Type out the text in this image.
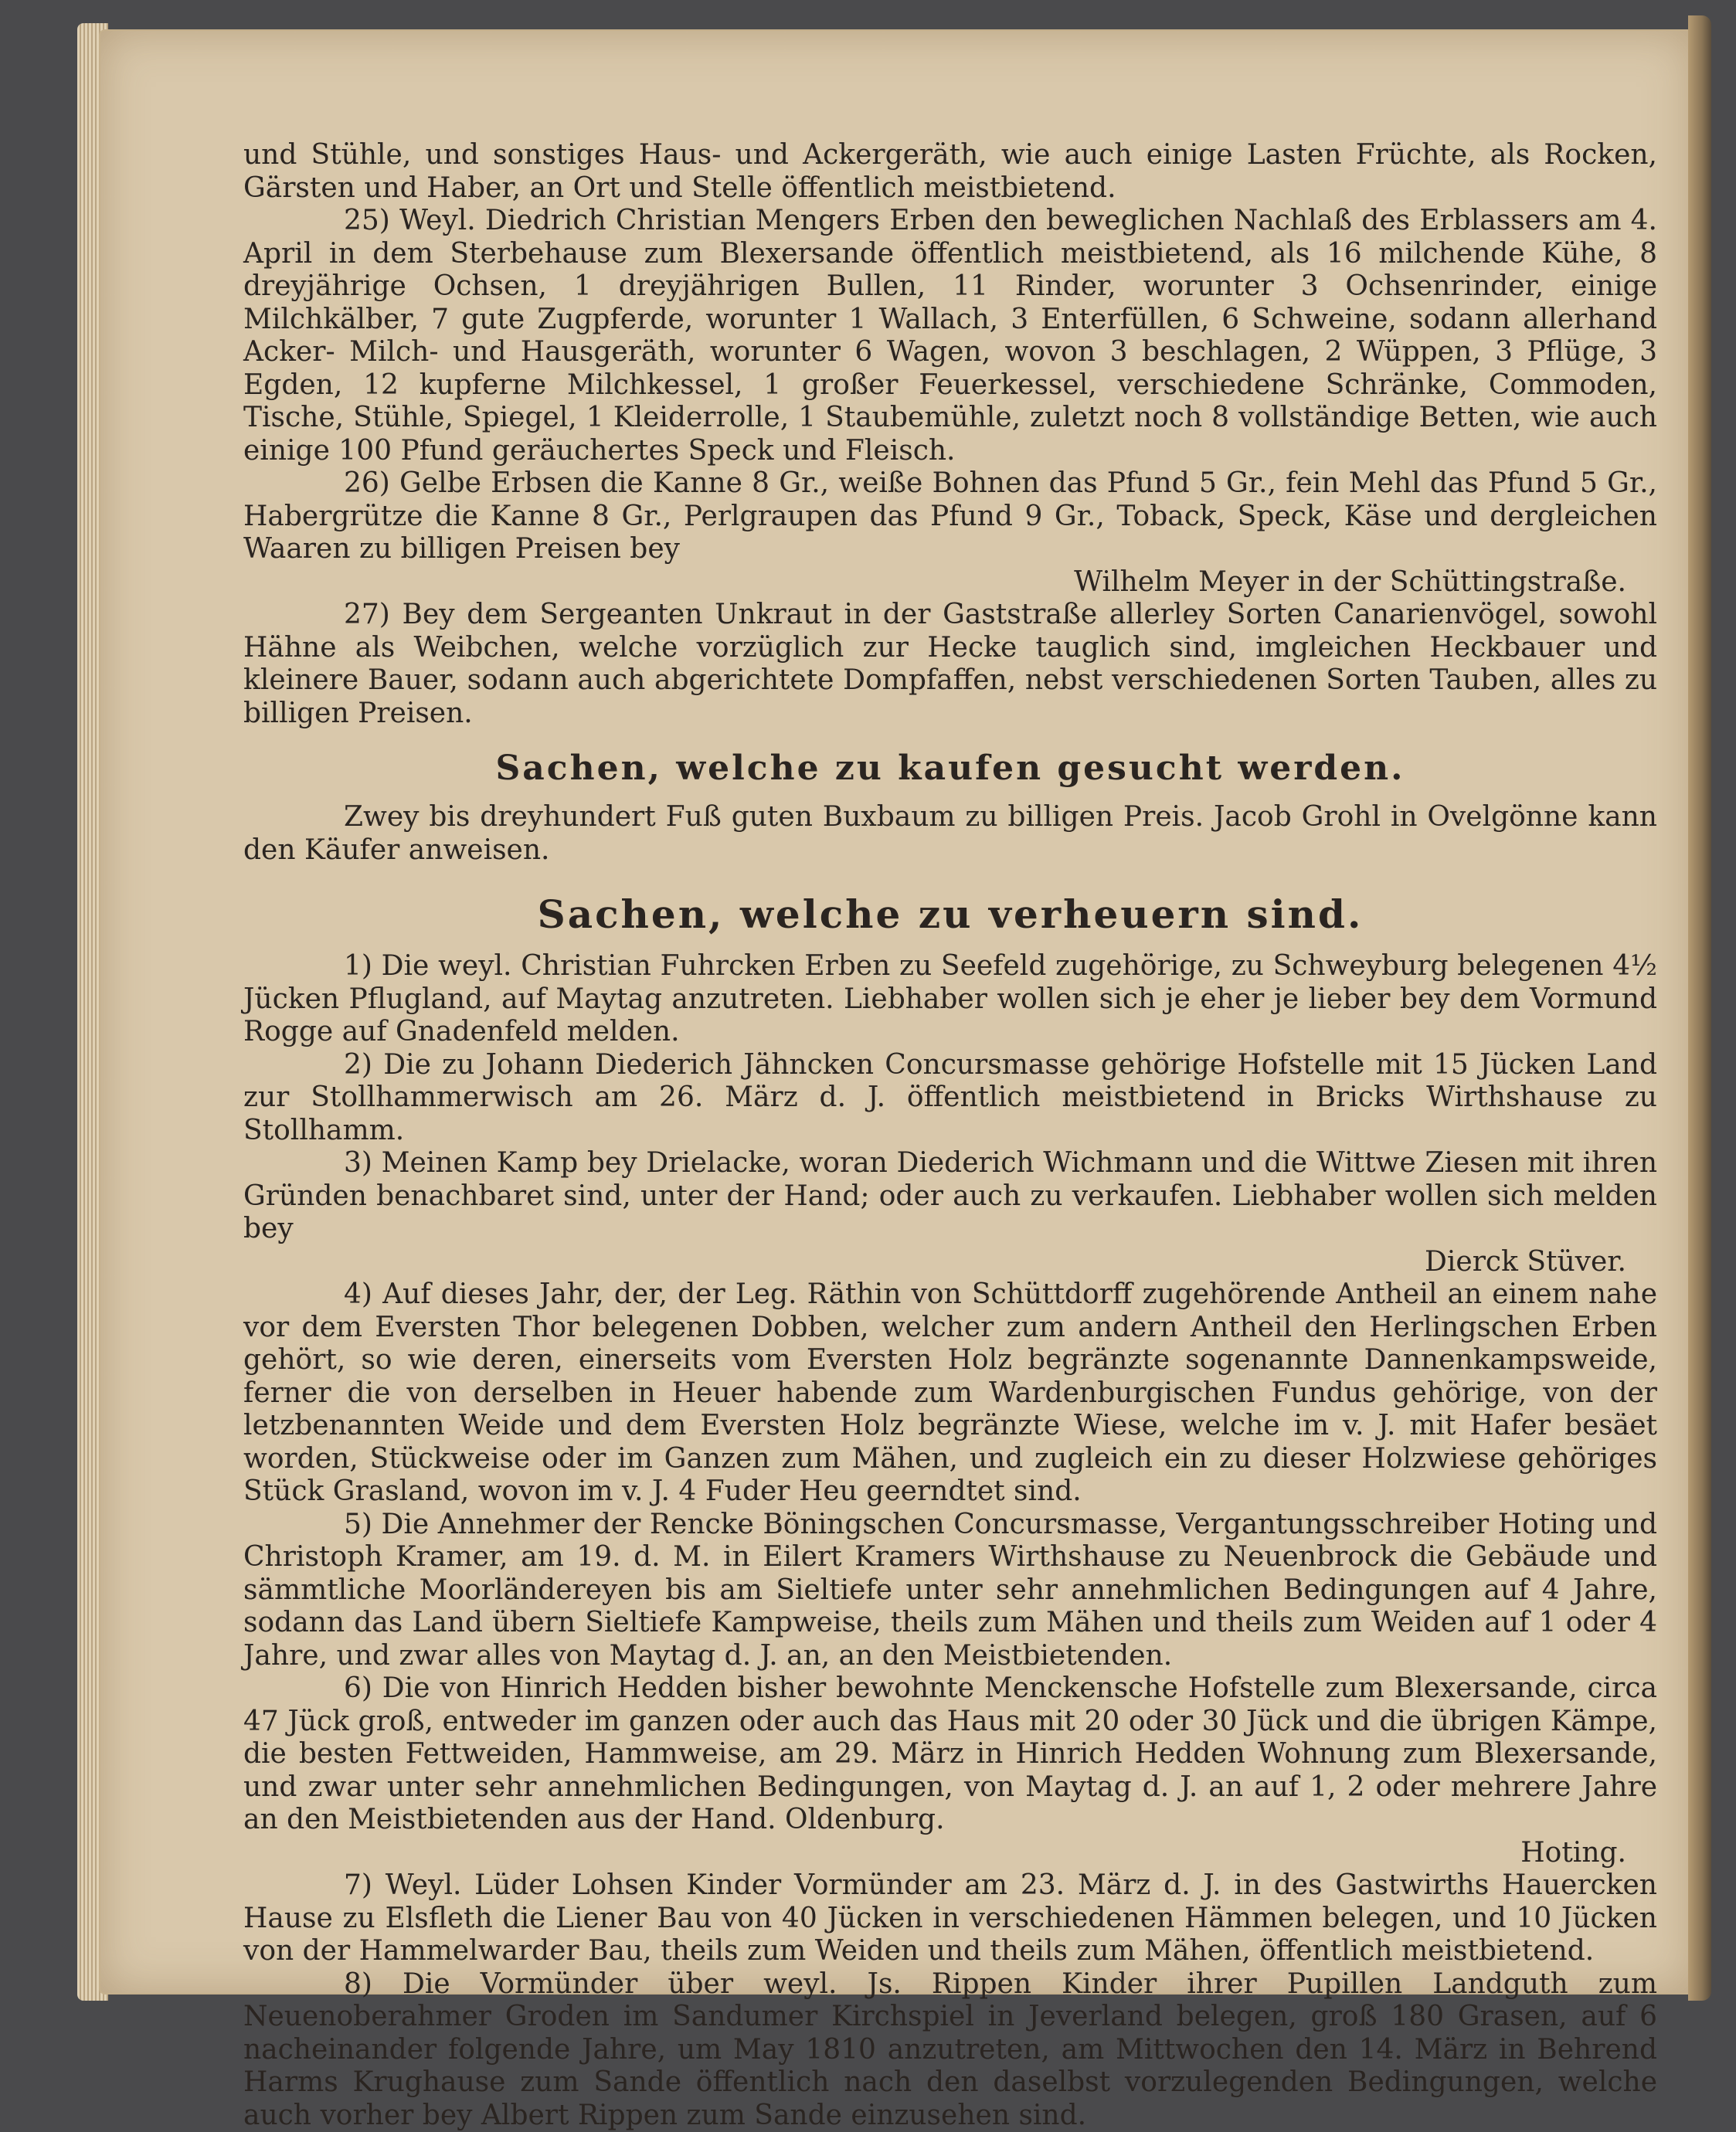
und Stühle, und sonstiges Haus- und Ackergeräth, wie auch einige Lasten Früchte, als Rocken, Gärsten und Haber, an Ort und Stelle öffentlich meistbietend.

25) Weyl. Diedrich Christian Mengers Erben den beweglichen Nachlaß des Erblassers am 4. April in dem Sterbehause zum Blexersande öffentlich meistbietend, als 16 milchende Kühe, 8 dreyjährige Ochsen, 1 dreyjährigen Bullen, 11 Rinder, worunter 3 Ochsenrinder, einige Milchkälber, 7 gute Zugpferde, worunter 1 Wallach, 3 Enterfüllen, 6 Schweine, sodann allerhand Acker- Milch- und Hausgeräth, worunter 6 Wagen, wovon 3 beschlagen, 2 Wüppen, 3 Pflüge, 3 Egden, 12 kupferne Milchkessel, 1 großer Feuerkessel, verschiedene Schränke, Commoden, Tische, Stühle, Spiegel, 1 Kleiderrolle, 1 Staubemühle, zuletzt noch 8 vollständige Betten, wie auch einige 100 Pfund geräuchertes Speck und Fleisch.

26) Gelbe Erbsen die Kanne 8 Gr., weiße Bohnen das Pfund 5 Gr., fein Mehl das Pfund 5 Gr., Habergrütze die Kanne 8 Gr., Perlgraupen das Pfund 9 Gr., Toback, Speck, Käse und dergleichen Waaren zu billigen Preisen bey

Wilhelm Meyer in der Schüttingstraße.

27) Bey dem Sergeanten Unkraut in der Gaststraße allerley Sorten Canarienvögel, sowohl Hähne als Weibchen, welche vorzüglich zur Hecke tauglich sind, imgleichen Heckbauer und kleinere Bauer, sodann auch abgerichtete Dompfaffen, nebst verschiedenen Sorten Tauben, alles zu billigen Preisen.

Sachen, welche zu kaufen gesucht werden.

Zwey bis dreyhundert Fuß guten Buxbaum zu billigen Preis. Jacob Grohl in Ovelgönne kann den Käufer anweisen.

Sachen, welche zu verheuern sind.

1) Die weyl. Christian Fuhrcken Erben zu Seefeld zugehörige, zu Schweyburg belegenen 4½ Jücken Pflugland, auf Maytag anzutreten. Liebhaber wollen sich je eher je lieber bey dem Vormund Rogge auf Gnadenfeld melden.

2) Die zu Johann Diederich Jähncken Concursmasse gehörige Hofstelle mit 15 Jücken Land zur Stollhammerwisch am 26. März d. J. öffentlich meistbietend in Bricks Wirthshause zu Stollhamm.

3) Meinen Kamp bey Drielacke, woran Diederich Wichmann und die Wittwe Ziesen mit ihren Gründen benachbaret sind, unter der Hand; oder auch zu verkaufen. Liebhaber wollen sich melden bey

Dierck Stüver.

4) Auf dieses Jahr, der, der Leg. Räthin von Schüttdorff zugehörende Antheil an einem nahe vor dem Eversten Thor belegenen Dobben, welcher zum andern Antheil den Herlingschen Erben gehört, so wie deren, einerseits vom Eversten Holz begränzte sogenannte Dannenkampsweide, ferner die von derselben in Heuer habende zum Wardenburgischen Fundus gehörige, von der letzbenannten Weide und dem Eversten Holz begränzte Wiese, welche im v. J. mit Hafer besäet worden, Stückweise oder im Ganzen zum Mähen, und zugleich ein zu dieser Holzwiese gehöriges Stück Grasland, wovon im v. J. 4 Fuder Heu geerndtet sind.

5) Die Annehmer der Rencke Böningschen Concursmasse, Vergantungsschreiber Hoting und Christoph Kramer, am 19. d. M. in Eilert Kramers Wirthshause zu Neuenbrock die Gebäude und sämmtliche Moorländereyen bis am Sieltiefe unter sehr annehmlichen Bedingungen auf 4 Jahre, sodann das Land übern Sieltiefe Kampweise, theils zum Mähen und theils zum Weiden auf 1 oder 4 Jahre, und zwar alles von Maytag d. J. an, an den Meistbietenden.

6) Die von Hinrich Hedden bisher bewohnte Menckensche Hofstelle zum Blexersande, circa 47 Jück groß, entweder im ganzen oder auch das Haus mit 20 oder 30 Jück und die übrigen Kämpe, die besten Fettweiden, Hammweise, am 29. März in Hinrich Hedden Wohnung zum Blexersande, und zwar unter sehr annehmlichen Bedingungen, von Maytag d. J. an auf 1, 2 oder mehrere Jahre an den Meistbietenden aus der Hand. Oldenburg.

Hoting.

7) Weyl. Lüder Lohsen Kinder Vormünder am 23. März d. J. in des Gastwirths Hauercken Hause zu Elsfleth die Liener Bau von 40 Jücken in verschiedenen Hämmen belegen, und 10 Jücken von der Hammelwarder Bau, theils zum Weiden und theils zum Mähen, öffentlich meistbietend.

8) Die Vormünder über weyl. Js. Rippen Kinder ihrer Pupillen Landguth zum Neuenoberahmer Groden im Sandumer Kirchspiel in Jeverland belegen, groß 180 Grasen, auf 6 nacheinander folgende Jahre, um May 1810 anzutreten, am Mittwochen den 14. März in Behrend Harms Krughause zum Sande öffentlich nach den daselbst vorzulegenden Bedingungen, welche auch vorher bey Albert Rippen zum Sande einzusehen sind.
